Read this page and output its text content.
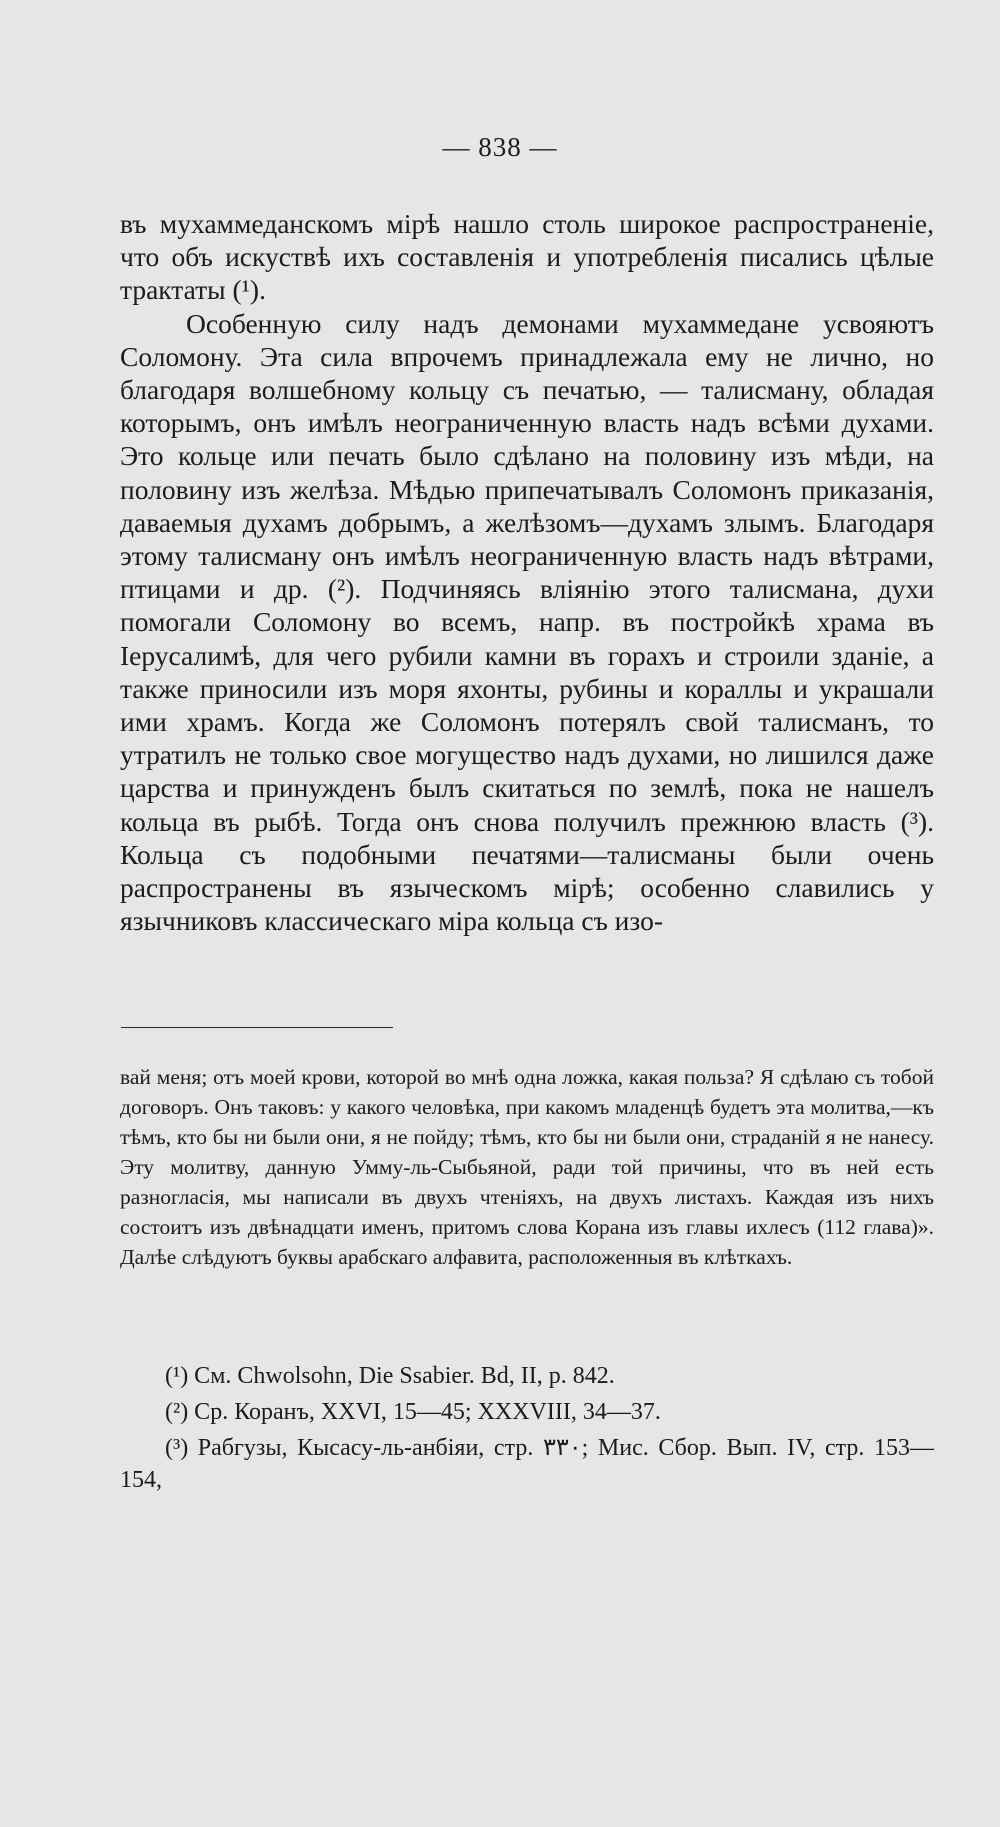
— 838 —

въ мухаммеданскомъ мірѣ нашло столь широкое распространеніе, что объ искуствѣ ихъ составленія и употребленія писались цѣлые трактаты (¹).

Особенную силу надъ демонами мухаммедане усвояютъ Соломону. Эта сила впрочемъ принадлежала ему не лично, но благодаря волшебному кольцу съ печатью, — талисману, обладая которымъ, онъ имѣлъ неограниченную власть надъ всѣми духами. Это кольце или печать было сдѣлано на половину изъ мѣди, на половину изъ желѣза. Мѣдью припечатывалъ Соломонъ приказанія, даваемыя духамъ добрымъ, а желѣзомъ—духамъ злымъ. Благодаря этому талисману онъ имѣлъ неограниченную власть надъ вѣтрами, птицами и др. (²). Подчиняясь вліянію этого талисмана, духи помогали Соломону во всемъ, напр. въ постройкѣ храма въ Іерусалимѣ, для чего рубили камни въ горахъ и строили зданіе, а также приносили изъ моря яхонты, рубины и кораллы и украшали ими храмъ. Когда же Соломонъ потерялъ свой талисманъ, то утратилъ не только свое могущество надъ духами, но лишился даже царства и принужденъ былъ скитаться по землѣ, пока не нашелъ кольца въ рыбѣ. Тогда онъ снова получилъ прежнюю власть (³). Кольца съ подобными печатями—талисманы были очень распространены въ языческомъ мірѣ; особенно славились у язычниковъ классическаго міра кольца съ изо-

вай меня; отъ моей крови, которой во мнѣ одна ложка, какая польза? Я сдѣлаю съ тобой договоръ. Онъ таковъ: у какого человѣка, при какомъ младенцѣ будетъ эта молитва,—къ тѣмъ, кто бы ни были они, я не пойду; тѣмъ, кто бы ни были они, страданій я не нанесу. Эту молитву, данную Умму-ль-Сыбьяной, ради той причины, что въ ней есть разногласія, мы написали въ двухъ чтеніяхъ, на двухъ листахъ. Каждая изъ нихъ состоитъ изъ двѣнадцати именъ, притомъ слова Корана изъ главы ихлесъ (112 глава)». Далѣе слѣдуютъ буквы арабскаго алфавита, расположенныя въ клѣткахъ.

(¹) См. Chwolsohn, Die Ssabier. Bd, II, p. 842.

(²) Ср. Коранъ, XXVI, 15—45; XXXVIII, 34—37.

(³) Рабгузы, Кысасу-ль-анбіяи, стр. ٣٣٠; Мис. Сбор. Вып. IV, стр. 153—154,
